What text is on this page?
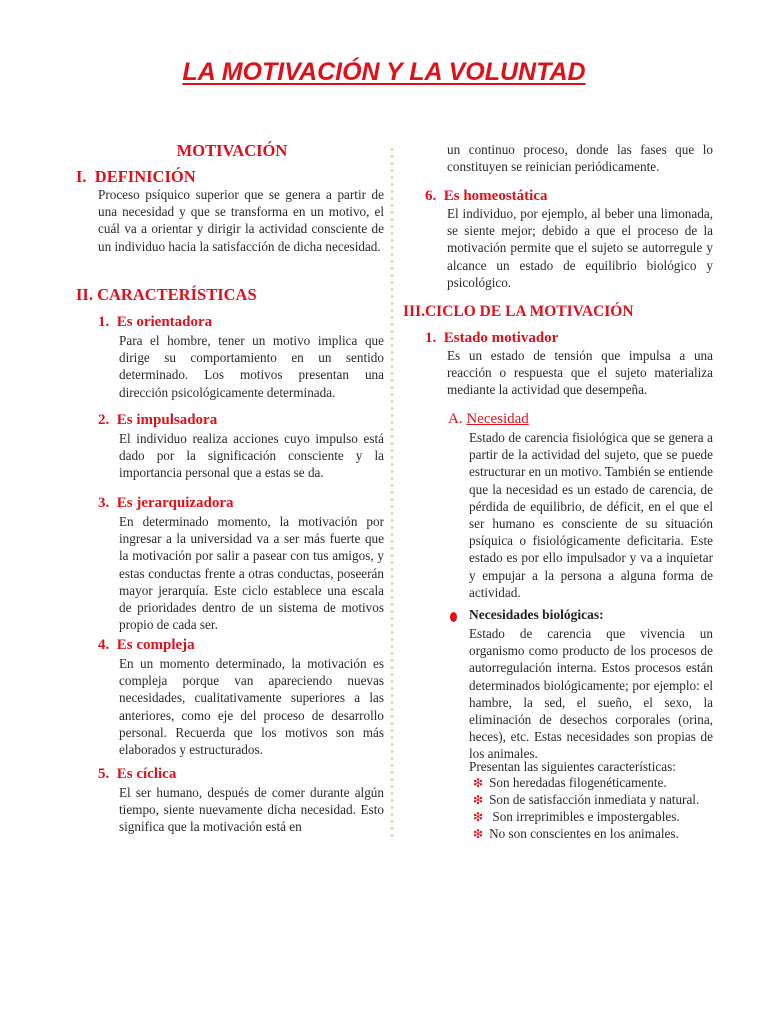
LA MOTIVACIÓN Y LA VOLUNTAD
MOTIVACIÓN
I. DEFINICIÓN
Proceso psíquico superior que se genera a partir de una necesidad y que se transforma en un motivo, el cuál va a orientar y dirigir la actividad consciente de un individuo hacia la satisfacción de dicha necesidad.
II. CARACTERÍSTICAS
1. Es orientadora
Para el hombre, tener un motivo implica que dirige su comportamiento en un sentido determinado. Los motivos presentan una dirección psicológicamente determinada.
2. Es impulsadora
El individuo realiza acciones cuyo impulso está dado por la significación consciente y la importancia personal que a estas se da.
3. Es jerarquizadora
En determinado momento, la motivación por ingresar a la universidad va a ser más fuerte que la motivación por salir a pasear con tus amigos, y estas conductas frente a otras conductas, poseerán mayor jerarquía. Este ciclo establece una escala de prioridades dentro de un sistema de motivos propio de cada ser.
4. Es compleja
En un momento determinado, la motivación es compleja porque van apareciendo nuevas necesidades, cualitativamente superiores a las anteriores, como eje del proceso de desarrollo personal. Recuerda que los motivos son más elaborados y estructurados.
5. Es cíclica
El ser humano, después de comer durante algún tiempo, siente nuevamente dicha necesidad. Esto significa que la motivación está en
un continuo proceso, donde las fases que lo constituyen se reinician periódicamente.
6. Es homeostática
El individuo, por ejemplo, al beber una limonada, se siente mejor; debido a que el proceso de la motivación permite que el sujeto se autorregule y alcance un estado de equilibrio biológico y psicológico.
III.CICLO DE LA MOTIVACIÓN
1. Estado motivador
Es un estado de tensión que impulsa a una reacción o respuesta que el sujeto materializa mediante la actividad que desempeña.
A. Necesidad
Estado de carencia fisiológica que se genera a partir de la actividad del sujeto, que se puede estructurar en un motivo. También se entiende que la necesidad es un estado de carencia, de pérdida de equilibrio, de déficit, en el que el ser humano es consciente de su situación psíquica o fisiológicamente deficitaria. Este estado es por ello impulsador y va a inquietar y empujar a la persona a alguna forma de actividad.
Necesidades biológicas:
Estado de carencia que vivencia un organismo como producto de los procesos de autorregulación interna. Estos procesos están determinados biológicamente; por ejemplo: el hambre, la sed, el sueño, el sexo, la eliminación de desechos corporales (orina, heces), etc. Estas necesidades son propias de los animales.
Presentan las siguientes características:
❇ Son heredadas filogenéticamente.
❇ Son de satisfacción inmediata y natural.
❇ Son irreprimibles e impostergables.
❇ No son conscientes en los animales.
